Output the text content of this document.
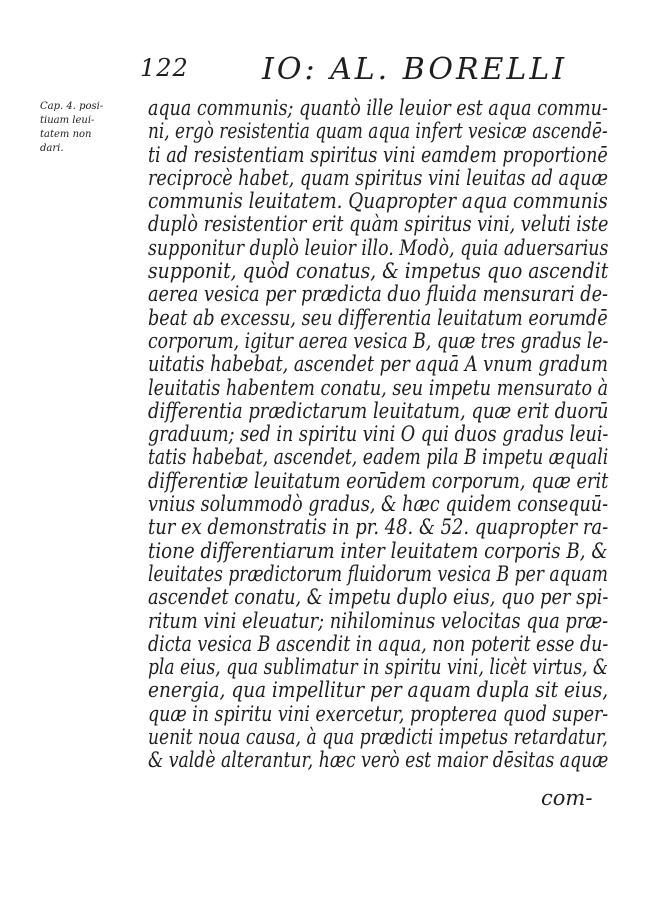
122 IO: AL. BORELLI
Cap. 4. posi-
tiuam leui-
tatem non
dari.
aqua communis; quantò ille leuior est aqua commu-
ni, ergò resistentia quam aqua infert vesicæ ascendē-
ti ad resistentiam spiritus vini eamdem proportionē
reciprocè habet, quam spiritus vini leuitas ad aquæ
communis leuitatem. Quapropter aqua communis
duplò resistentior erit quàm spiritus vini, veluti iste
supponitur duplò leuior illo. Modò, quia aduersarius
supponit, quòd conatus, & impetus quo ascendit
aerea vesica per prædicta duo fluida mensurari de-
beat ab excessu, seu differentia leuitatum eorumdē
corporum, igitur aerea vesica B, quæ tres gradus le-
uitatis habebat, ascendet per aquā A vnum gradum
leuitatis habentem conatu, seu impetu mensurato à
differentia prædictarum leuitatum, quæ erit duorū
graduum; sed in spiritu vini O qui duos gradus leui-
tatis habebat, ascendet, eadem pila B impetu æquali
differentiæ leuitatum eorūdem corporum, quæ erit
vnius solummodò gradus, & hæc quidem consequū-
tur ex demonstratis in pr. 48. & 52. quapropter ra-
tione differentiarum inter leuitatem corporis B, &
leuitates prædictorum fluidorum vesica B per aquam
ascendet conatu, & impetu duplo eius, quo per spi-
ritum vini eleuatur; nihilominus velocitas qua præ-
dicta vesica B ascendit in aqua, non poterit esse du-
pla eius, qua sublimatur in spiritu vini, licèt virtus, &
energia, qua impellitur per aquam dupla sit eius,
quæ in spiritu vini exercetur, propterea quod super-
uenit noua causa, à qua prædicti impetus retardatur,
& valdè alterantur, hæc verò est maior dēsitas aquæ
com-
